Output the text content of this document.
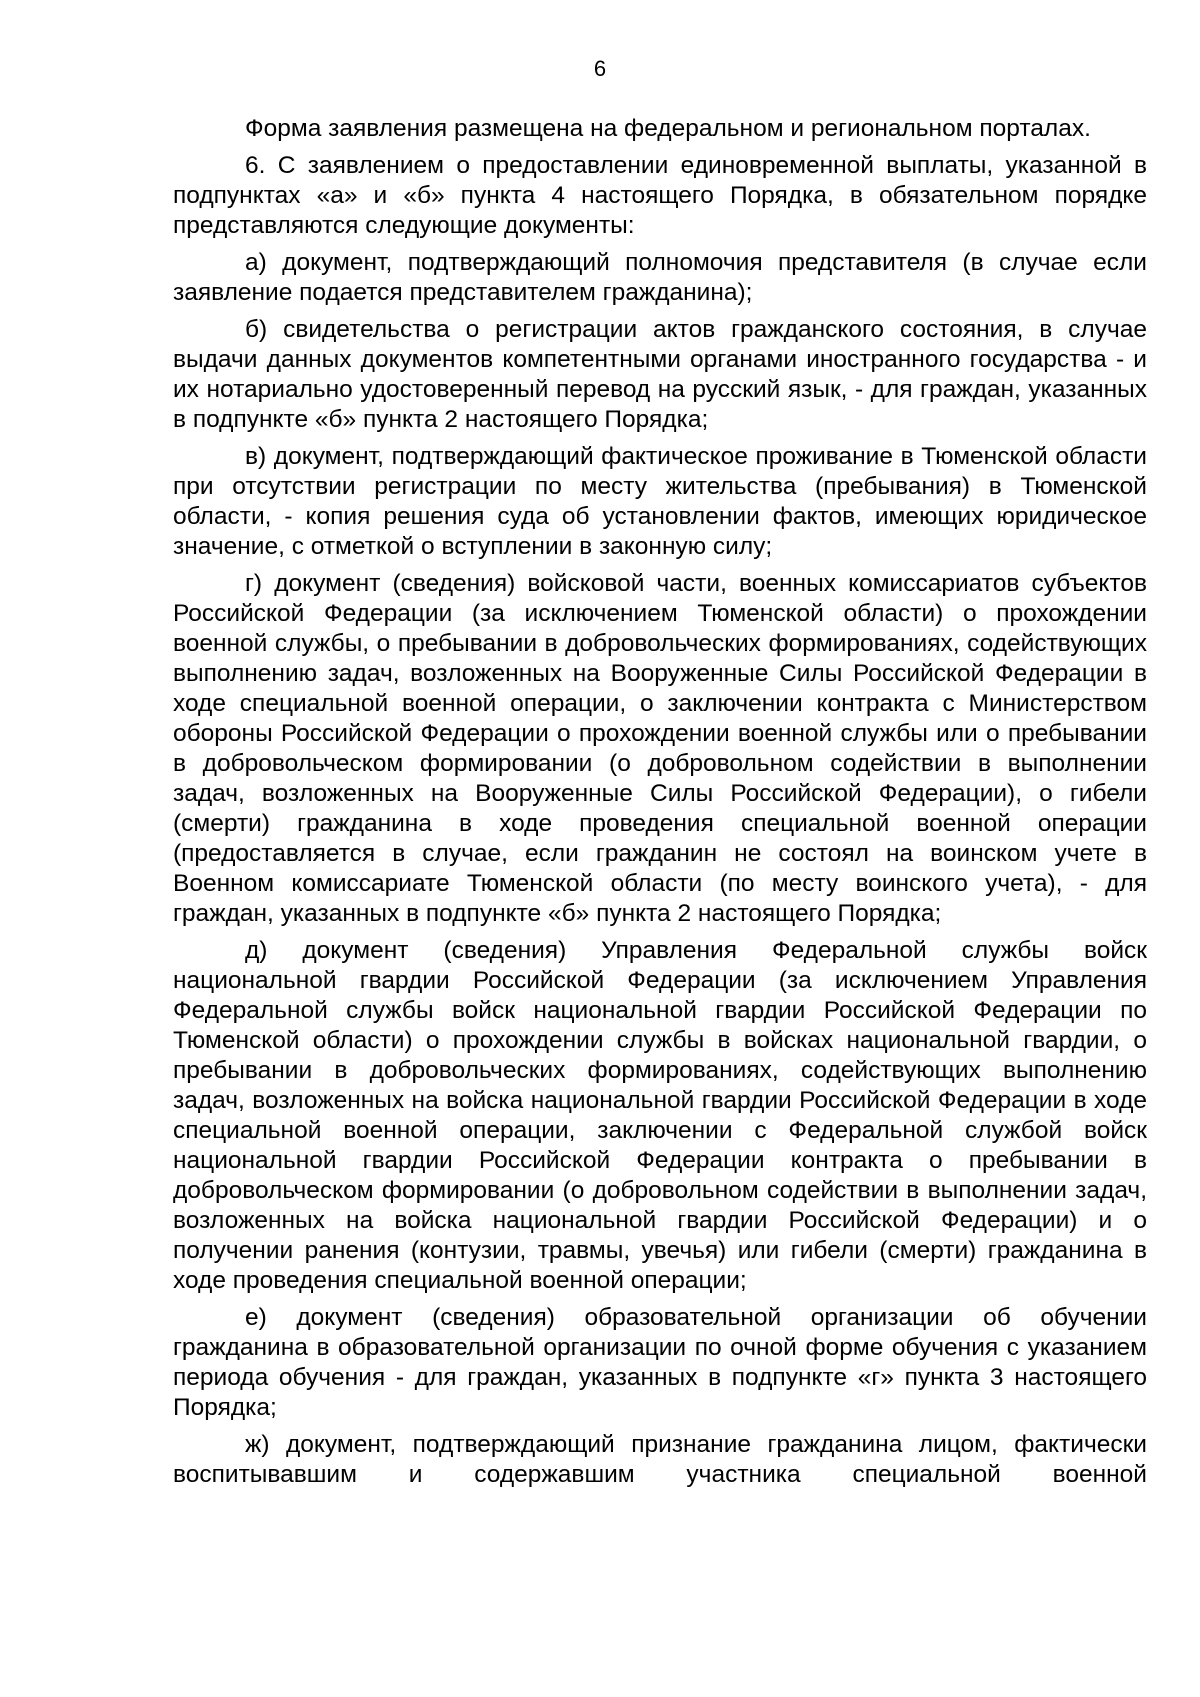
6

Форма заявления размещена на федеральном и региональном порталах.

6. С заявлением о предоставлении единовременной выплаты, указанной в подпунктах «а» и «б» пункта 4 настоящего Порядка, в обязательном порядке представляются следующие документы:

а) документ, подтверждающий полномочия представителя (в случае если заявление подается представителем гражданина);

б) свидетельства о регистрации актов гражданского состояния, в случае выдачи данных документов компетентными органами иностранного государства - и их нотариально удостоверенный перевод на русский язык, - для граждан, указанных в подпункте «б» пункта 2 настоящего Порядка;

в) документ, подтверждающий фактическое проживание в Тюменской области при отсутствии регистрации по месту жительства (пребывания) в Тюменской области, - копия решения суда об установлении фактов, имеющих юридическое значение, с отметкой о вступлении в законную силу;

г) документ (сведения) войсковой части, военных комиссариатов субъектов Российской Федерации (за исключением Тюменской области) о прохождении военной службы, о пребывании в добровольческих формированиях, содействующих выполнению задач, возложенных на Вооруженные Силы Российской Федерации в ходе специальной военной операции, о заключении контракта с Министерством обороны Российской Федерации о прохождении военной службы или о пребывании в добровольческом формировании (о добровольном содействии в выполнении задач, возложенных на Вооруженные Силы Российской Федерации), о гибели (смерти) гражданина в ходе проведения специальной военной операции (предоставляется в случае, если гражданин не состоял на воинском учете в Военном комиссариате Тюменской области (по месту воинского учета), - для граждан, указанных в подпункте «б» пункта 2 настоящего Порядка;

д) документ (сведения) Управления Федеральной службы войск национальной гвардии Российской Федерации (за исключением Управления Федеральной службы войск национальной гвардии Российской Федерации по Тюменской области) о прохождении службы в войсках национальной гвардии, о пребывании в добровольческих формированиях, содействующих выполнению задач, возложенных на войска национальной гвардии Российской Федерации в ходе специальной военной операции, заключении с Федеральной службой войск национальной гвардии Российской Федерации контракта о пребывании в добровольческом формировании (о добровольном содействии в выполнении задач, возложенных на войска национальной гвардии Российской Федерации) и о получении ранения (контузии, травмы, увечья) или гибели (смерти) гражданина в ходе проведения специальной военной операции;

е) документ (сведения) образовательной организации об обучении гражданина в образовательной организации по очной форме обучения с указанием периода обучения - для граждан, указанных в подпункте «г» пункта 3 настоящего Порядка;

ж) документ, подтверждающий признание гражданина лицом, фактически воспитывавшим и содержавшим участника специальной военной
